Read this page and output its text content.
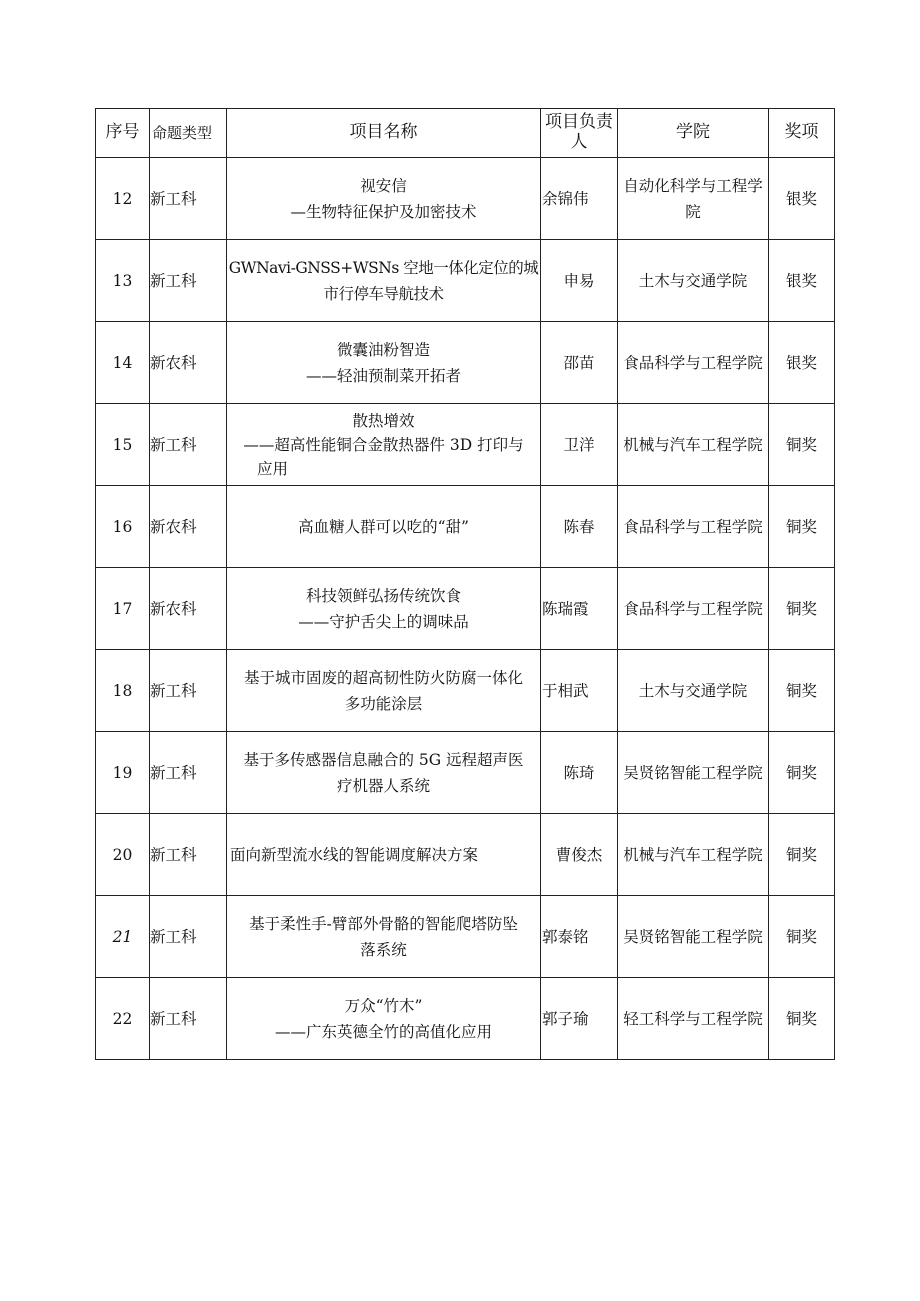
序号	命题类型	项目名称	项目负责人	学院	奖项
12	新工科	视安信
—生物特征保护及加密技术	余锦伟	自动化科学与工程学院	银奖
13	新工科	GWNavi-GNSS+WSNs 空地一体化定位的城
市行停车导航技术	申易	土木与交通学院	银奖
14	新农科	微囊油粉智造
——轻油预制菜开拓者	邵苗	食品科学与工程学院	银奖
15	新工科	散热增效
——超高性能铜合金散热器件 3D 打印与
应用	卫洋	机械与汽车工程学院	铜奖
16	新农科	高血糖人群可以吃的“甜”	陈春	食品科学与工程学院	铜奖
17	新农科	科技领鲜弘扬传统饮食
——守护舌尖上的调味品	陈瑞霞	食品科学与工程学院	铜奖
18	新工科	基于城市固废的超高韧性防火防腐一体化
多功能涂层	于相武	土木与交通学院	铜奖
19	新工科	基于多传感器信息融合的 5G 远程超声医
疗机器人系统	陈琦	吴贤铭智能工程学院	铜奖
20	新工科	面向新型流水线的智能调度解决方案	曹俊杰	机械与汽车工程学院	铜奖
21	新工科	基于柔性手-臂部外骨骼的智能爬塔防坠
落系统	郭泰铭	吴贤铭智能工程学院	铜奖
22	新工科	万众“竹木”
——广东英德全竹的高值化应用	郭子瑜	轻工科学与工程学院	铜奖
